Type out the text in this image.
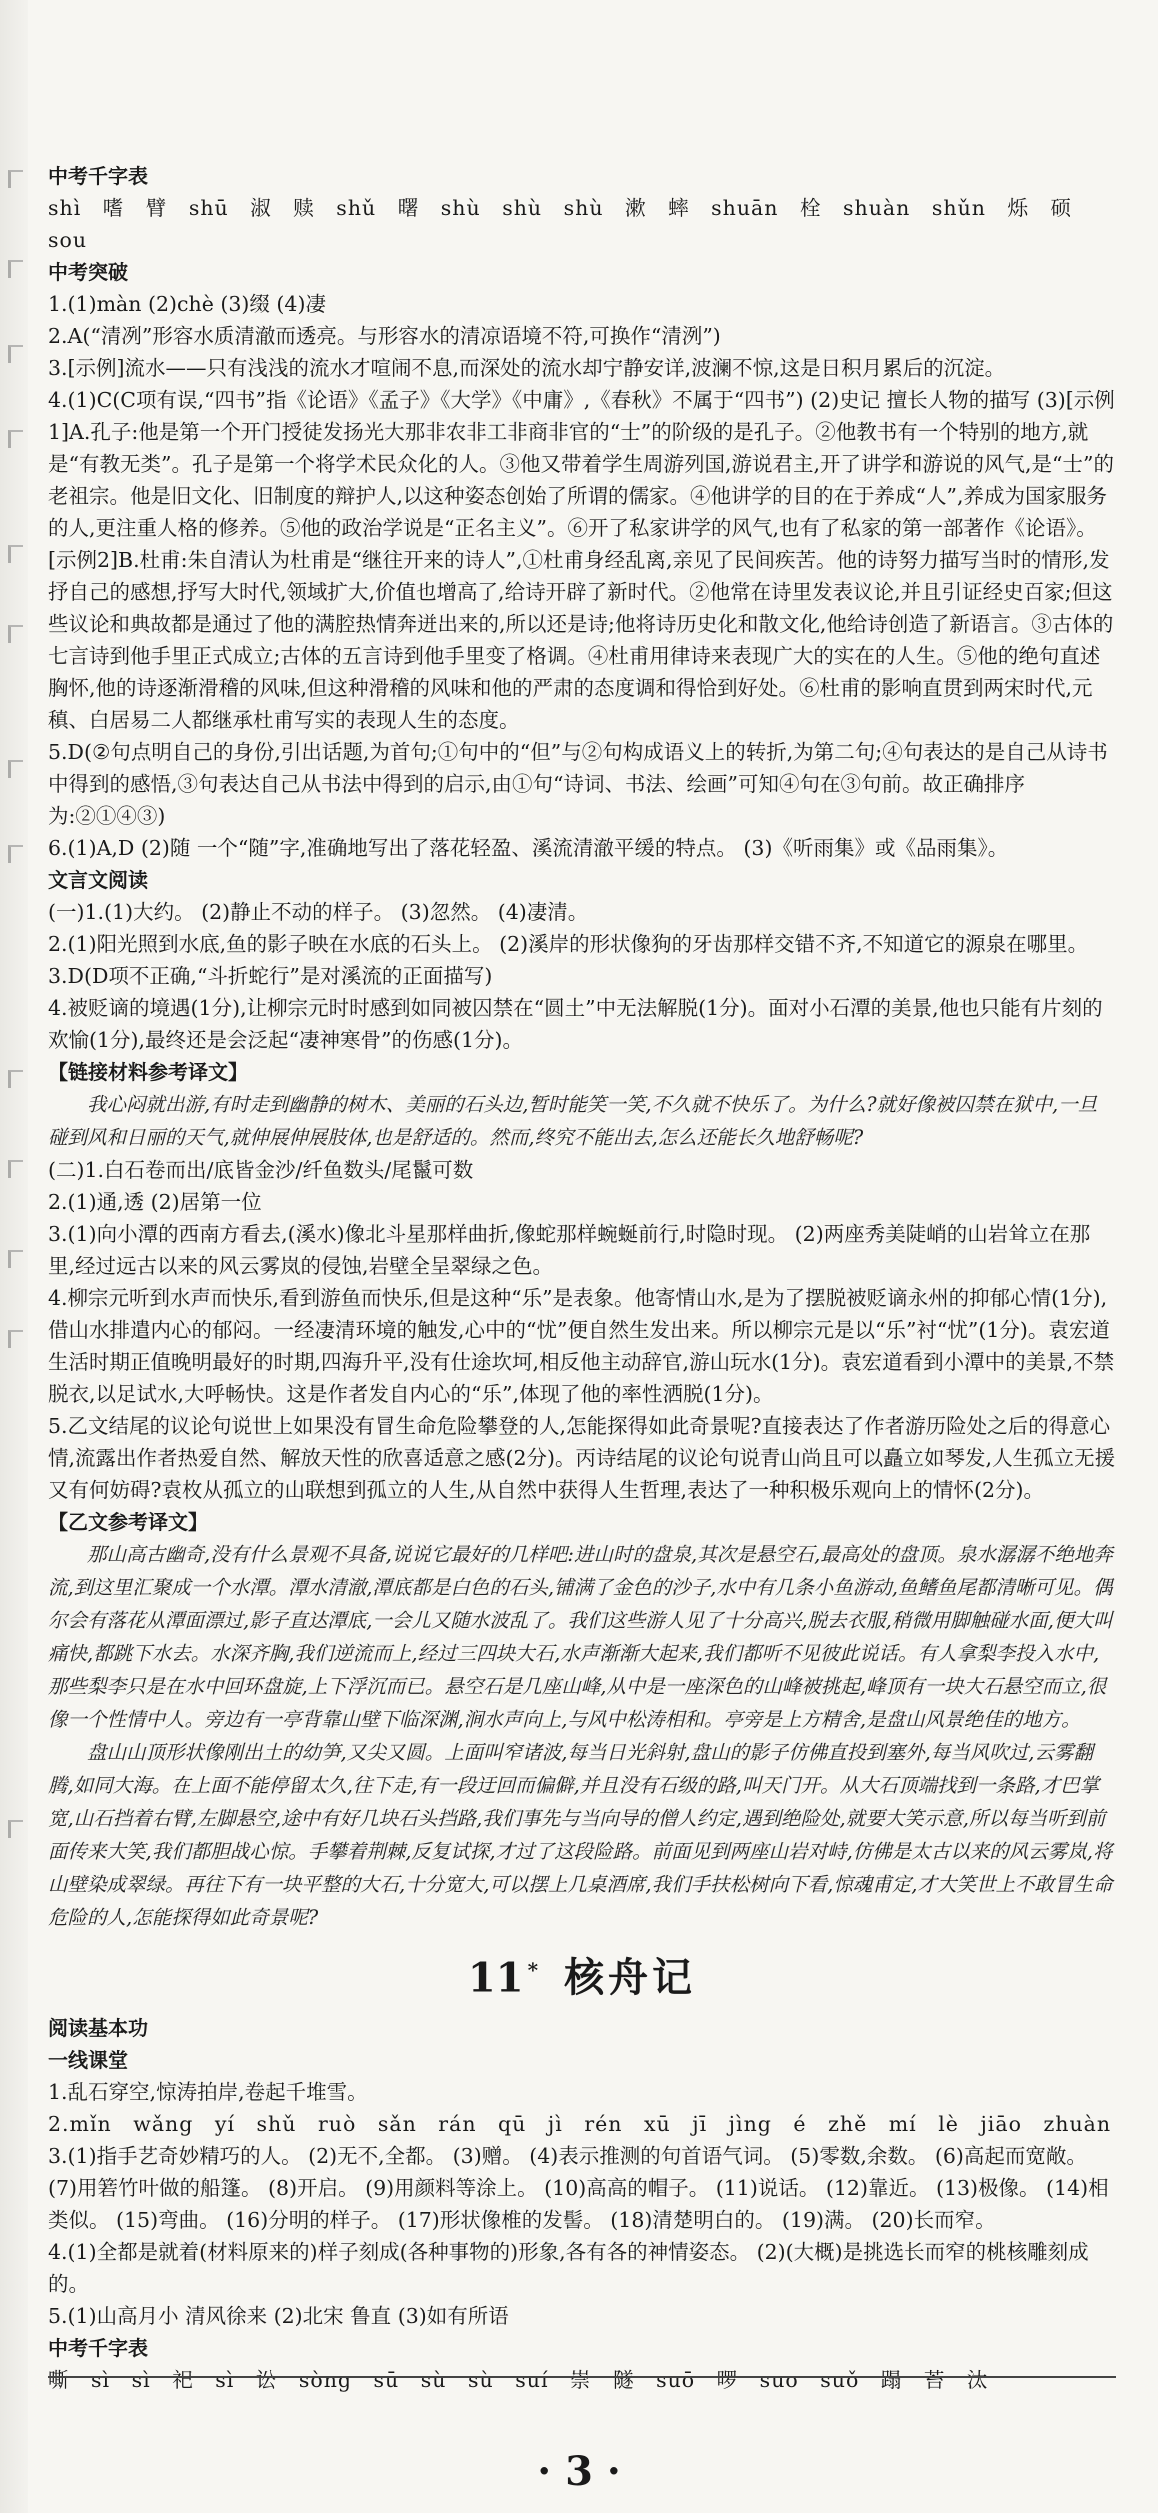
中考千字表

shì 嗜 臂 shū 淑 赎 shǔ 曙 shù shù shù 漱 蟀 shuān 栓 shuàn shǔn 烁 硕 sou

中考突破

1.(1)màn (2)chè (3)缀 (4)凄

2.A(“清冽”形容水质清澈而透亮。与形容水的清凉语境不符,可换作“清洌”)

3.[示例]流水——只有浅浅的流水才喧闹不息,而深处的流水却宁静安详,波澜不惊,这是日积月累后的沉淀。

4.(1)C(C项有误,“四书”指《论语》《孟子》《大学》《中庸》,《春秋》不属于“四书”) (2)史记 擅长人物的描写 (3)[示例1]A.孔子:他是第一个开门授徒发扬光大那非农非工非商非官的“士”的阶级的是孔子。②他教书有一个特别的地方,就是“有教无类”。孔子是第一个将学术民众化的人。③他又带着学生周游列国,游说君主,开了讲学和游说的风气,是“士”的老祖宗。他是旧文化、旧制度的辩护人,以这种姿态创始了所谓的儒家。④他讲学的目的在于养成“人”,养成为国家服务的人,更注重人格的修养。⑤他的政治学说是“正名主义”。⑥开了私家讲学的风气,也有了私家的第一部著作《论语》。[示例2]B.杜甫:朱自清认为杜甫是“继往开来的诗人”,①杜甫身经乱离,亲见了民间疾苦。他的诗努力描写当时的情形,发抒自己的感想,抒写大时代,领域扩大,价值也增高了,给诗开辟了新时代。②他常在诗里发表议论,并且引证经史百家;但这些议论和典故都是通过了他的满腔热情奔迸出来的,所以还是诗;他将诗历史化和散文化,他给诗创造了新语言。③古体的七言诗到他手里正式成立;古体的五言诗到他手里变了格调。④杜甫用律诗来表现广大的实在的人生。⑤他的绝句直述胸怀,他的诗逐渐滑稽的风味,但这种滑稽的风味和他的严肃的态度调和得恰到好处。⑥杜甫的影响直贯到两宋时代,元稹、白居易二人都继承杜甫写实的表现人生的态度。

5.D(②句点明自己的身份,引出话题,为首句;①句中的“但”与②句构成语义上的转折,为第二句;④句表达的是自己从诗书中得到的感悟,③句表达自己从书法中得到的启示,由①句“诗词、书法、绘画”可知④句在③句前。故正确排序为:②①④③)

6.(1)A,D (2)随 一个“随”字,准确地写出了落花轻盈、溪流清澈平缓的特点。 (3)《听雨集》或《品雨集》。

文言文阅读

(一)1.(1)大约。 (2)静止不动的样子。 (3)忽然。 (4)凄清。

2.(1)阳光照到水底,鱼的影子映在水底的石头上。 (2)溪岸的形状像狗的牙齿那样交错不齐,不知道它的源泉在哪里。

3.D(D项不正确,“斗折蛇行”是对溪流的正面描写)

4.被贬谪的境遇(1分),让柳宗元时时感到如同被囚禁在“圆土”中无法解脱(1分)。面对小石潭的美景,他也只能有片刻的欢愉(1分),最终还是会泛起“凄神寒骨”的伤感(1分)。

【链接材料参考译文】

我心闷就出游,有时走到幽静的树木、美丽的石头边,暂时能笑一笑,不久就不快乐了。为什么?就好像被囚禁在狱中,一旦碰到风和日丽的天气,就伸展伸展肢体,也是舒适的。然而,终究不能出去,怎么还能长久地舒畅呢?

(二)1.白石卷而出/底皆金沙/纤鱼数头/尾鬣可数

2.(1)通,透 (2)居第一位

3.(1)向小潭的西南方看去,(溪水)像北斗星那样曲折,像蛇那样蜿蜒前行,时隐时现。 (2)两座秀美陡峭的山岩耸立在那里,经过远古以来的风云雾岚的侵蚀,岩壁全呈翠绿之色。

4.柳宗元听到水声而快乐,看到游鱼而快乐,但是这种“乐”是表象。他寄情山水,是为了摆脱被贬谪永州的抑郁心情(1分),借山水排遣内心的郁闷。一经凄清环境的触发,心中的“忧”便自然生发出来。所以柳宗元是以“乐”衬“忧”(1分)。袁宏道生活时期正值晚明最好的时期,四海升平,没有仕途坎坷,相反他主动辞官,游山玩水(1分)。袁宏道看到小潭中的美景,不禁脱衣,以足试水,大呼畅快。这是作者发自内心的“乐”,体现了他的率性洒脱(1分)。

5.乙文结尾的议论句说世上如果没有冒生命危险攀登的人,怎能探得如此奇景呢?直接表达了作者游历险处之后的得意心情,流露出作者热爱自然、解放天性的欣喜适意之感(2分)。丙诗结尾的议论句说青山尚且可以矗立如琴发,人生孤立无援又有何妨碍?袁枚从孤立的山联想到孤立的人生,从自然中获得人生哲理,表达了一种积极乐观向上的情怀(2分)。

【乙文参考译文】

那山高古幽奇,没有什么景观不具备,说说它最好的几样吧:进山时的盘泉,其次是悬空石,最高处的盘顶。泉水潺潺不绝地奔流,到这里汇聚成一个水潭。潭水清澈,潭底都是白色的石头,铺满了金色的沙子,水中有几条小鱼游动,鱼鳍鱼尾都清晰可见。偶尔会有落花从潭面漂过,影子直达潭底,一会儿又随水波乱了。我们这些游人见了十分高兴,脱去衣服,稍微用脚触碰水面,便大叫痛快,都跳下水去。水深齐胸,我们逆流而上,经过三四块大石,水声渐渐大起来,我们都听不见彼此说话。有人拿梨李投入水中,那些梨李只是在水中回环盘旋,上下浮沉而已。悬空石是几座山峰,从中是一座深色的山峰被挑起,峰顶有一块大石悬空而立,很像一个性情中人。旁边有一亭背靠山壁下临深渊,涧水声向上,与风中松涛相和。亭旁是上方精舍,是盘山风景绝佳的地方。

盘山山顶形状像刚出土的幼笋,又尖又圆。上面叫窄诸波,每当日光斜射,盘山的影子仿佛直投到塞外,每当风吹过,云雾翻腾,如同大海。在上面不能停留太久,往下走,有一段迂回而偏僻,并且没有石级的路,叫天门开。从大石顶端找到一条路,才巴掌宽,山石挡着右臂,左脚悬空,途中有好几块石头挡路,我们事先与当向导的僧人约定,遇到绝险处,就要大笑示意,所以每当听到前面传来大笑,我们都胆战心惊。手攀着荆棘,反复试探,才过了这段险路。前面见到两座山岩对峙,仿佛是太古以来的风云雾岚,将山壁染成翠绿。再往下有一块平整的大石,十分宽大,可以摆上几桌酒席,我们手扶松树向下看,惊魂甫定,才大笑世上不敢冒生命危险的人,怎能探得如此奇景呢?

11 * 核舟记

阅读基本功

一线课堂

1.乱石穿空,惊涛拍岸,卷起千堆雪。

2.mǐn wǎng yí shǔ ruò sǎn rán qū jì rén xū jī jìng é zhě mí lè jiāo zhuàn

3.(1)指手艺奇妙精巧的人。 (2)无不,全都。 (3)赠。 (4)表示推测的句首语气词。 (5)零数,余数。 (6)高起而宽敞。 (7)用箬竹叶做的船篷。 (8)开启。 (9)用颜料等涂上。 (10)高高的帽子。 (11)说话。 (12)靠近。 (13)极像。 (14)相类似。 (15)弯曲。 (16)分明的样子。 (17)形状像椎的发髻。 (18)清楚明白的。 (19)满。 (20)长而窄。

4.(1)全都是就着(材料原来的)样子刻成(各种事物的)形象,各有各的神情姿态。 (2)(大概)是挑选长而窄的桃核雕刻成的。

5.(1)山高月小 清风徐来 (2)北宋 鲁直 (3)如有所语

中考千字表

嘶 sì sì 祀 sì 讼 sòng sū sù sù suí 崇 隧 suō 啰 suo suǒ 蹋 苔 汰

· 3 ·
